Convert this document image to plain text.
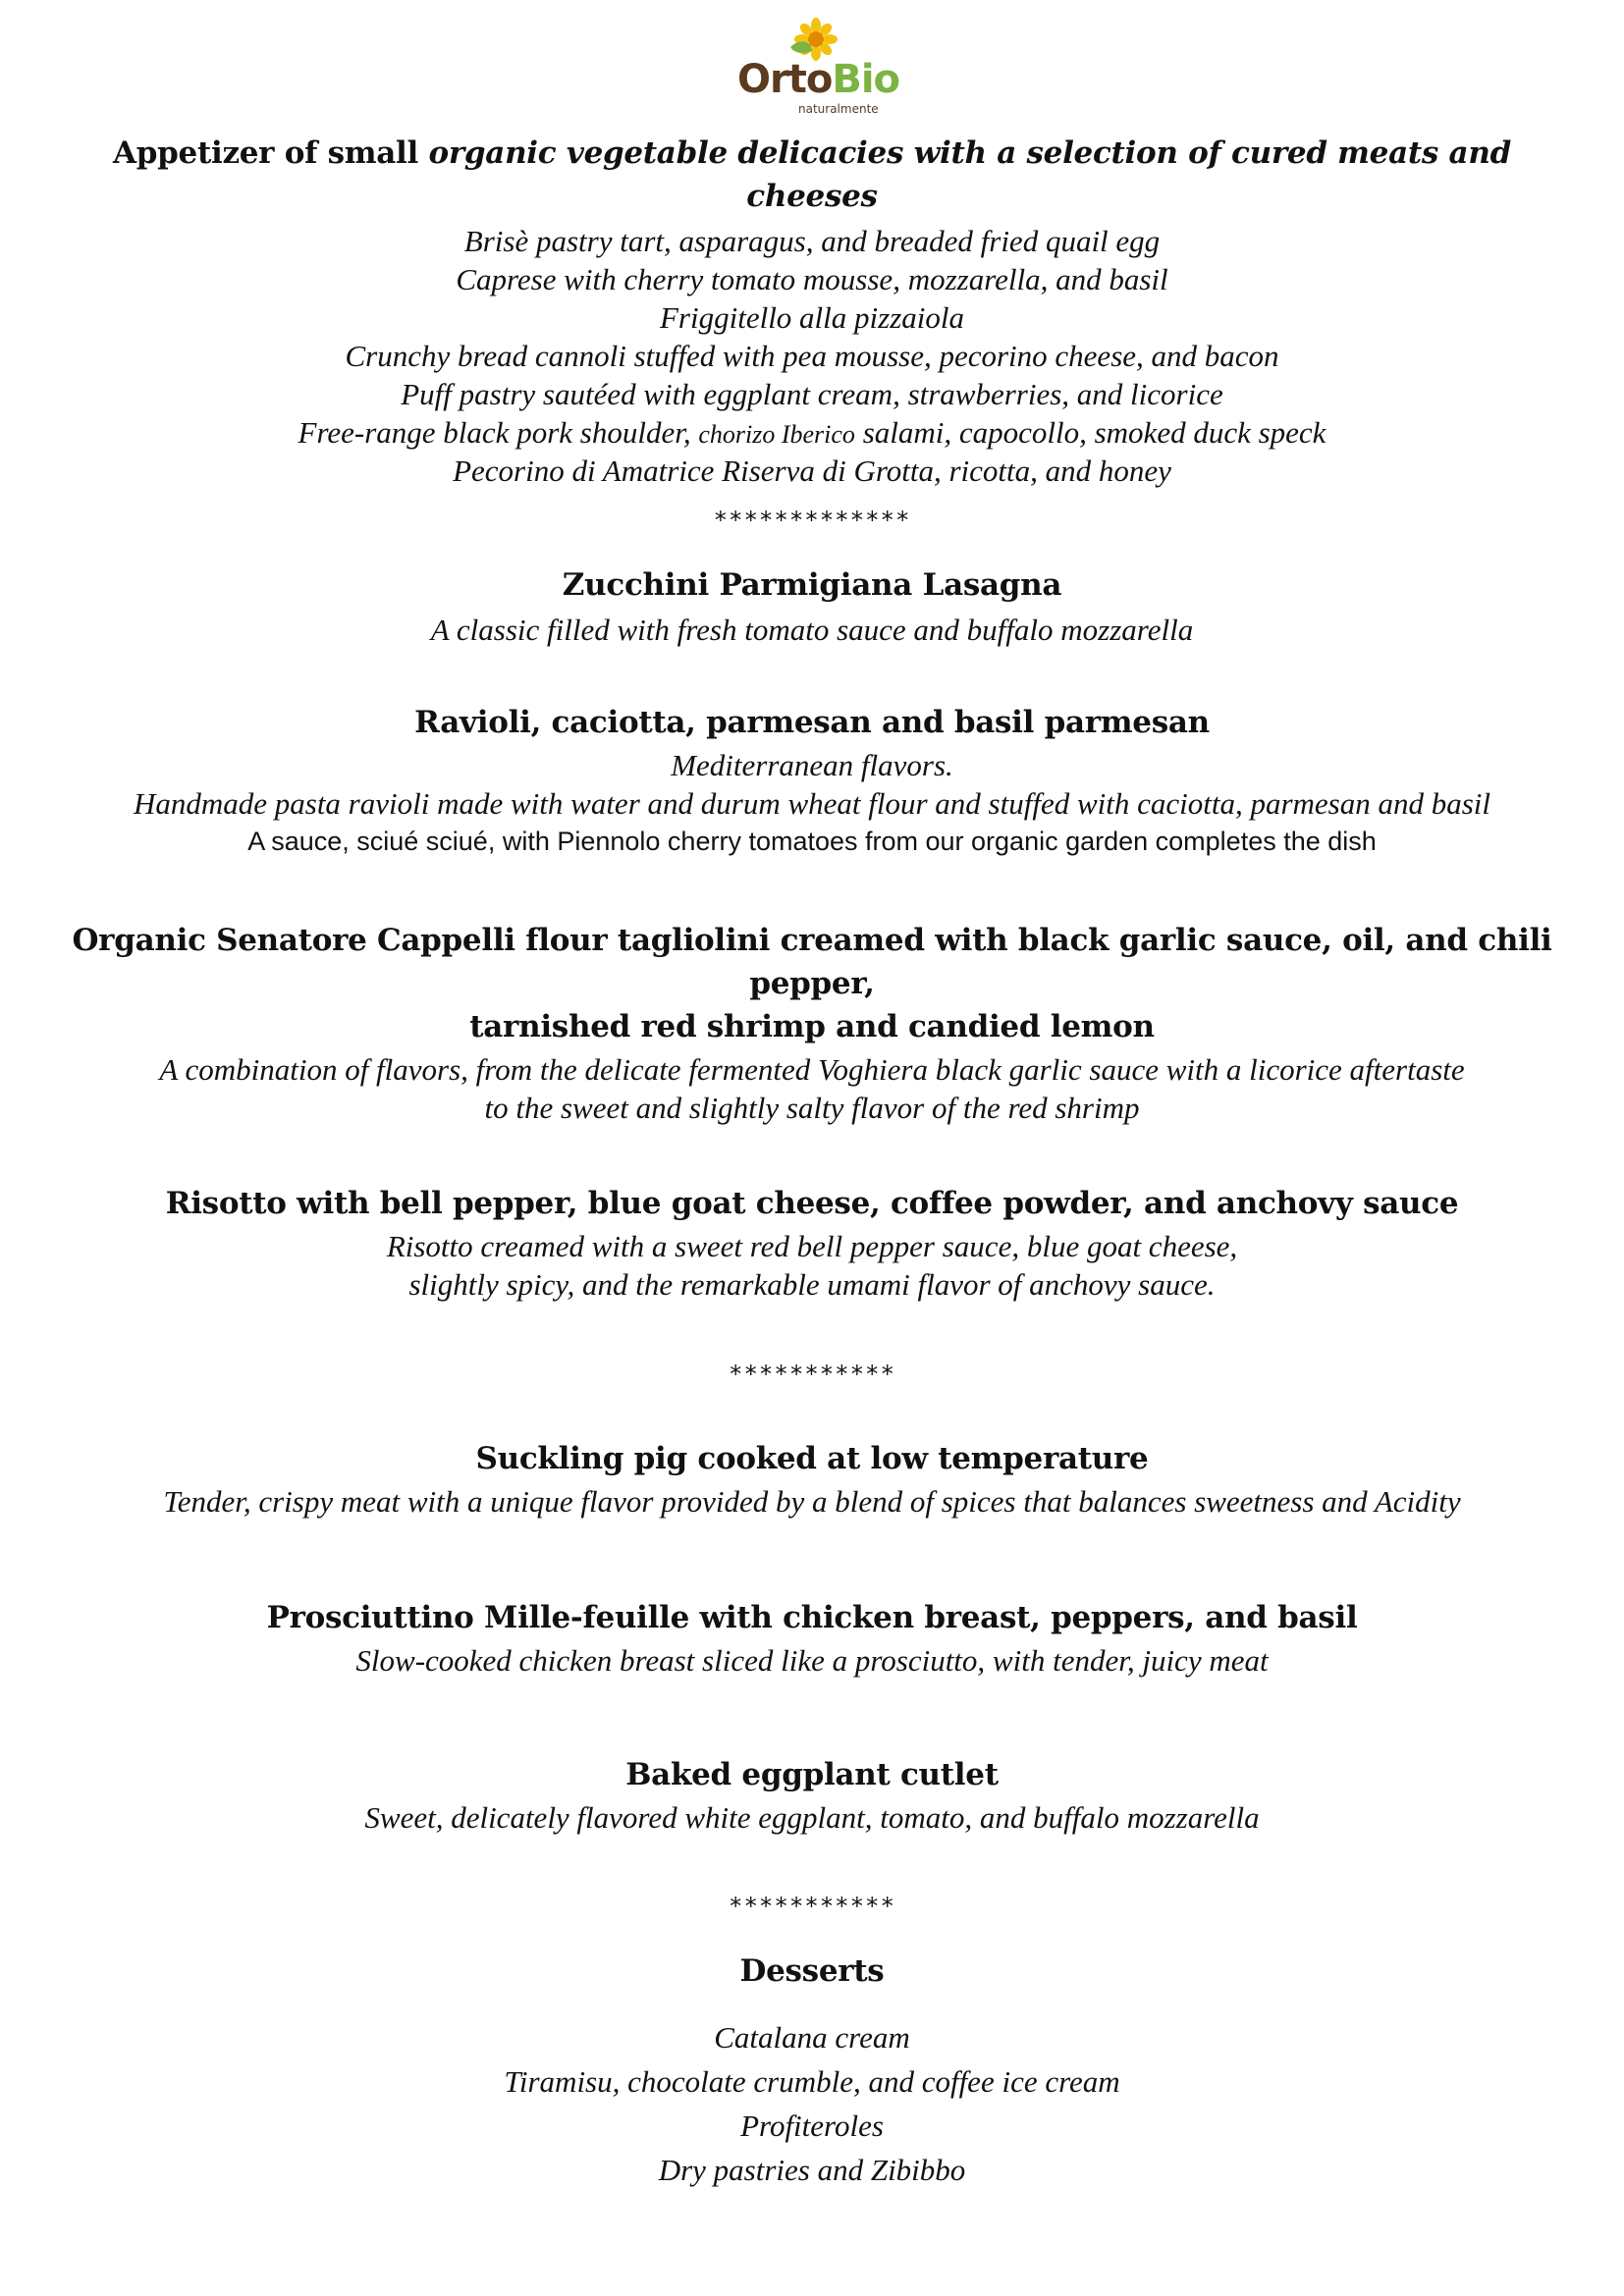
OrtoBio
naturalmente
Appetizer of small organic vegetable delicacies with a selection of cured meats and
cheeses
Brisè pastry tart, asparagus, and breaded fried quail egg
Caprese with cherry tomato mousse, mozzarella, and basil
Friggitello alla pizzaiola
Crunchy bread cannoli stuffed with pea mousse, pecorino cheese, and bacon
Puff pastry sautéed with eggplant cream, strawberries, and licorice
Free-range black pork shoulder, chorizo Iberico salami, capocollo, smoked duck speck
Pecorino di Amatrice Riserva di Grotta, ricotta, and honey
*************
Zucchini Parmigiana Lasagna
A classic filled with fresh tomato sauce and buffalo mozzarella
Ravioli, caciotta, parmesan and basil parmesan
Mediterranean flavors.
Handmade pasta ravioli made with water and durum wheat flour and stuffed with caciotta, parmesan and basil
A sauce, sciué sciué, with Piennolo cherry tomatoes from our organic garden completes the dish
Organic Senatore Cappelli flour tagliolini creamed with black garlic sauce, oil, and chili
pepper,
tarnished red shrimp and candied lemon
A combination of flavors, from the delicate fermented Voghiera black garlic sauce with a licorice aftertaste
to the sweet and slightly salty flavor of the red shrimp
Risotto with bell pepper, blue goat cheese, coffee powder, and anchovy sauce
Risotto creamed with a sweet red bell pepper sauce, blue goat cheese,
slightly spicy, and the remarkable umami flavor of anchovy sauce.
***********
Suckling pig cooked at low temperature
Tender, crispy meat with a unique flavor provided by a blend of spices that balances sweetness and Acidity
Prosciuttino Mille-feuille with chicken breast, peppers, and basil
Slow-cooked chicken breast sliced like a prosciutto, with tender, juicy meat
Baked eggplant cutlet
Sweet, delicately flavored white eggplant, tomato, and buffalo mozzarella
***********
Desserts
Catalana cream
Tiramisu, chocolate crumble, and coffee ice cream
Profiteroles
Dry pastries and Zibibbo
